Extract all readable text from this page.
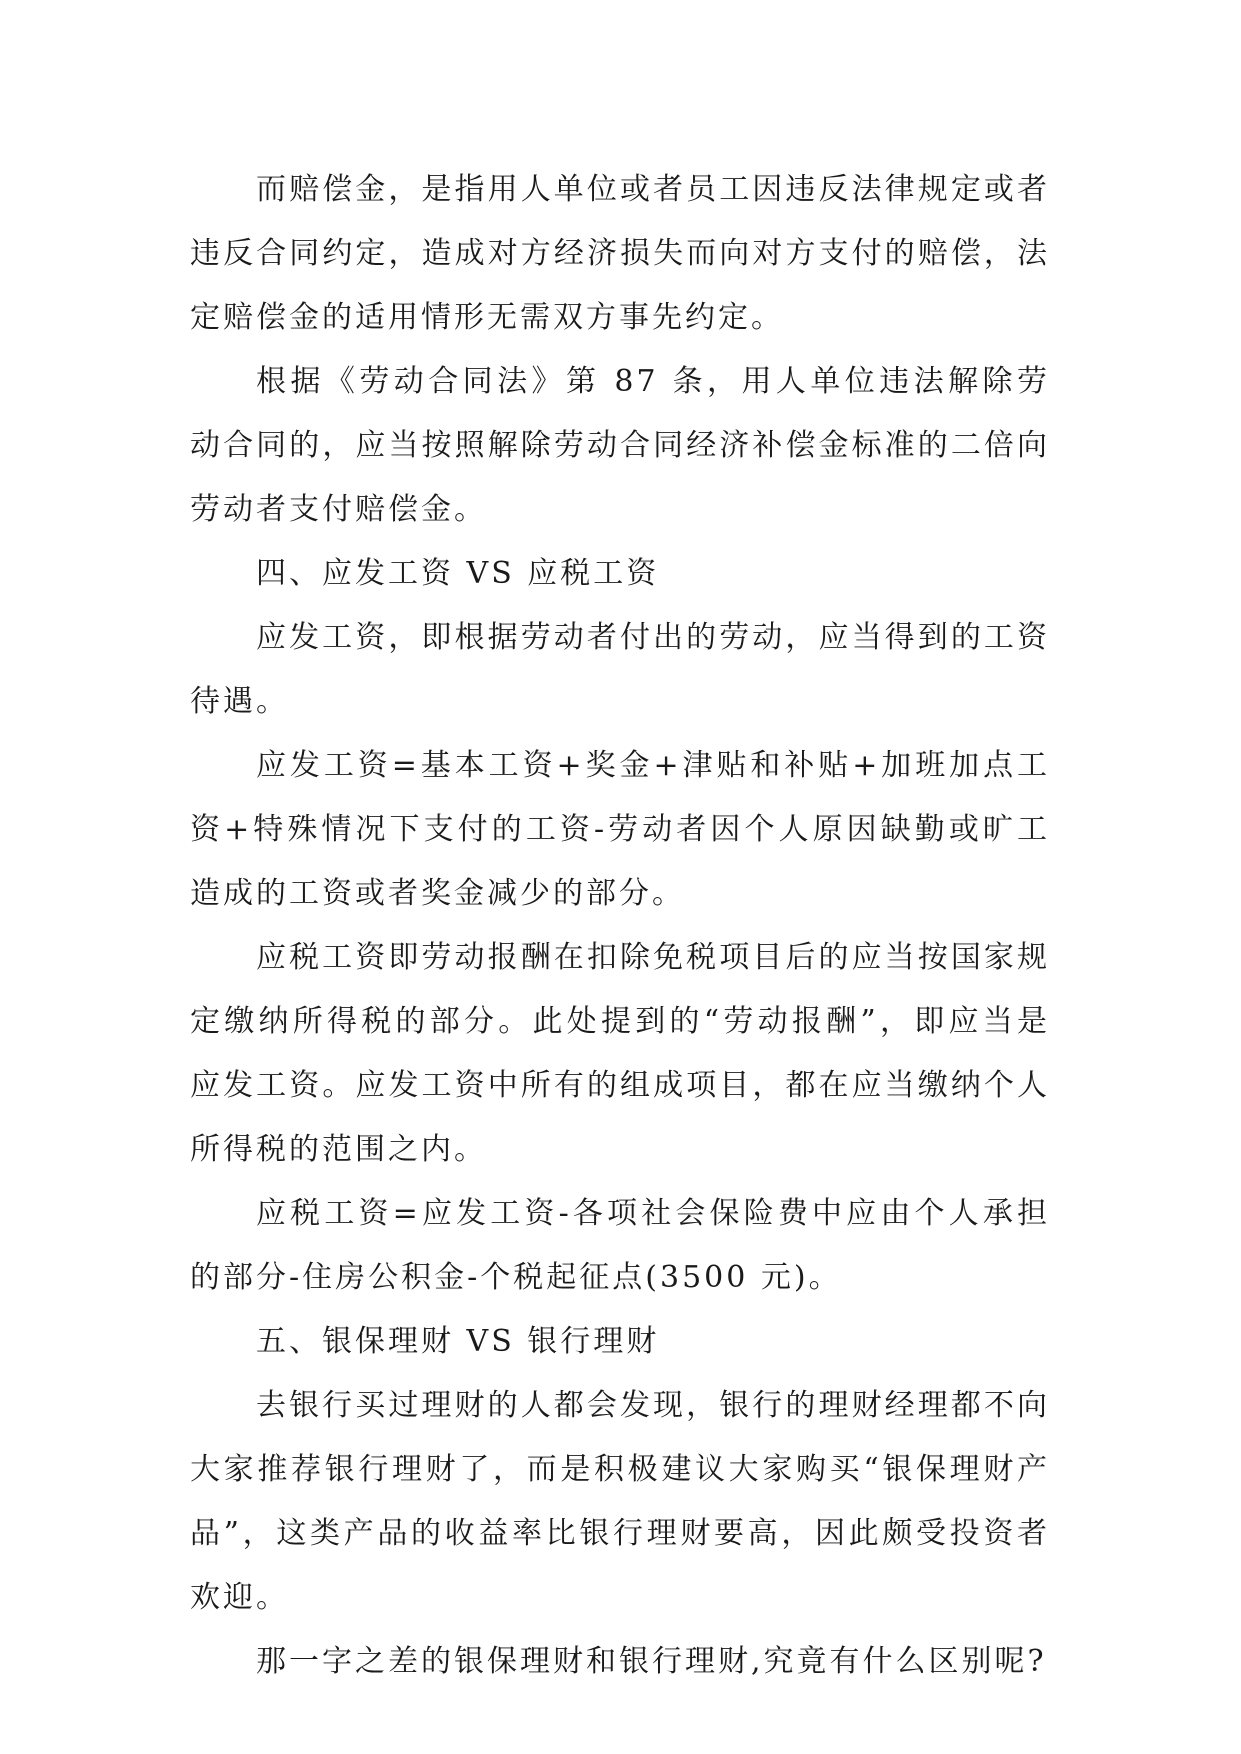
而赔偿金，是指用人单位或者员工因违反法律规定或者违反合同约定，造成对方经济损失而向对方支付的赔偿，法定赔偿金的适用情形无需双方事先约定。

根据《劳动合同法》第 87 条，用人单位违法解除劳动合同的，应当按照解除劳动合同经济补偿金标准的二倍向劳动者支付赔偿金。

四、应发工资 VS 应税工资

应发工资，即根据劳动者付出的劳动，应当得到的工资待遇。

应发工资=基本工资+奖金+津贴和补贴+加班加点工资+特殊情况下支付的工资-劳动者因个人原因缺勤或旷工造成的工资或者奖金减少的部分。

应税工资即劳动报酬在扣除免税项目后的应当按国家规定缴纳所得税的部分。此处提到的“劳动报酬”，即应当是应发工资。应发工资中所有的组成项目，都在应当缴纳个人所得税的范围之内。

应税工资=应发工资-各项社会保险费中应由个人承担的部分-住房公积金-个税起征点(3500 元)。

五、银保理财 VS 银行理财

去银行买过理财的人都会发现，银行的理财经理都不向大家推荐银行理财了，而是积极建议大家购买“银保理财产品”，这类产品的收益率比银行理财要高，因此颇受投资者欢迎。

那一字之差的银保理财和银行理财,究竟有什么区别呢?
